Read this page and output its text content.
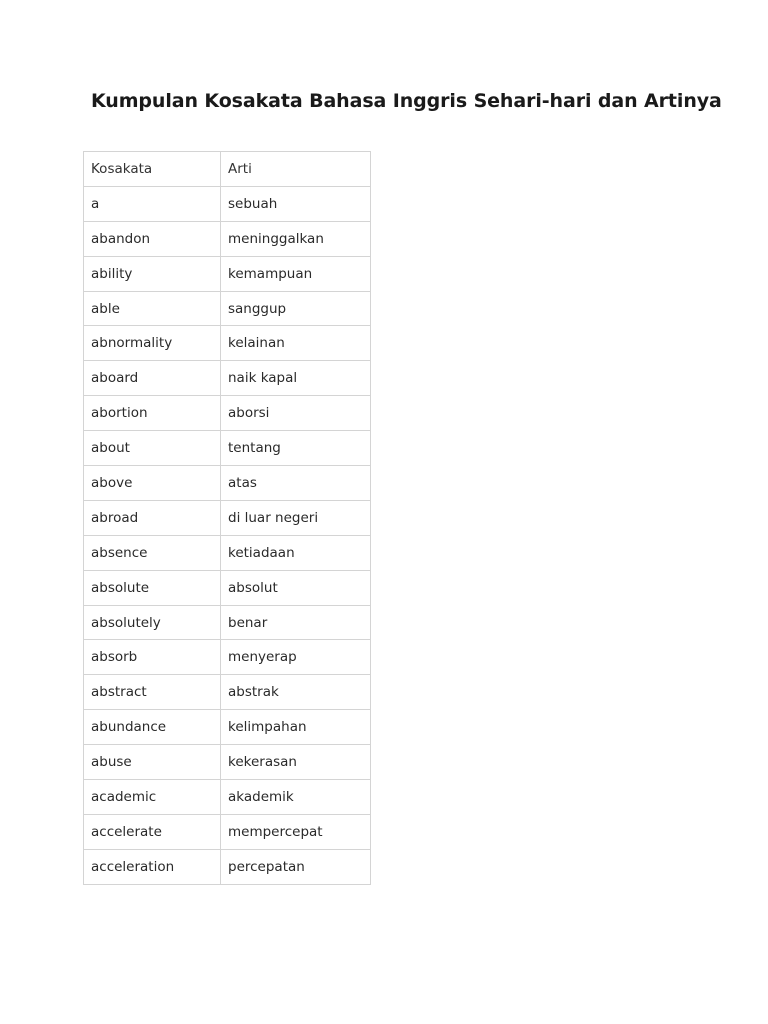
Kumpulan Kosakata Bahasa Inggris Sehari-hari dan Artinya
Kosakata	Arti
a	sebuah
abandon	meninggalkan
ability	kemampuan
able	sanggup
abnormality	kelainan
aboard	naik kapal
abortion	aborsi
about	tentang
above	atas
abroad	di luar negeri
absence	ketiadaan
absolute	absolut
absolutely	benar
absorb	menyerap
abstract	abstrak
abundance	kelimpahan
abuse	kekerasan
academic	akademik
accelerate	mempercepat
acceleration	percepatan
